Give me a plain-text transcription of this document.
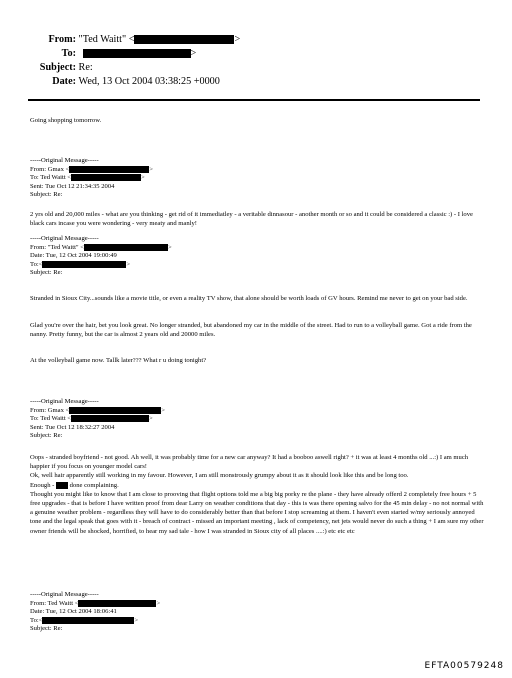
From: "Ted Waitt" <	>
To:	>
Subject: Re:
Date: Wed, 13 Oct 2004 03:38:25 +0000
Going shopping tomorrow.
-----Original Message-----
From: Gmax <	>
To: Ted Waitt <	>
Sent: Tue Oct 12 21:34:35 2004
Subject: Re:

2 yrs old and 20,000 miles - what are you thinking - get rid of it immediatley - a veritable dinnasour - another month or so and it could be considered a classic :) - I love black cars incase you were wondering - very meaty and manly!

-----Original Message-----
From: "Ted Waitt" <	>
Date: Tue, 12 Oct 2004 19:00:49
To:<	>
Subject: Re:

Stranded in Sioux City...sounds like a movie title, or even a reality TV show, that alone should be worth loads of GV hours. Remind me never to get on your bad side.

Glad you're over the hair, bet you look great. No longer stranded, but abandoned my car in the middle of the street. Had to run to a volleyball game. Got a ride from the nanny. Pretty funny, but the car is almost 2 years old and 20000 miles.

At the volleyball game now. Tallk later??? What r u doing tonight?

-----Original Message-----
From: Gmax <	>
To: Ted Waitt <	>
Sent: Tue Oct 12 18:32:27 2004
Subject: Re:

Oops - stranded boyfriend - not good. Ah well, it was probably time for a new car anyway? It had a booboo aswell right? + it was at least 4 months old ...:) I am much happier if you focus on younger model cars!

Ok, well hair apparently still working in my favour. However, I am still monstrously grumpy about it as it should look like this and be long too.

Enough -  done complaining.

Thought you might like to know that I am close to prooving that flight options told me a big big porky re the plane - they have already offerd 2 completely free hours + 5 free upgrades - that is before I have written proof from dear Larry on weather conditions that day - this is was there opening salvo for the 45 min delay - no not normal with a genuine weather problem - regardless they will have to do considerably better than that before I stop screaming at them. I haven't even started w/my seriously annoyed tone and the legal speak that goes with it - breach of contract - missed an important meeting , lack of competency, net jets would never do such a thing + I am sure my other owner friends will be shocked, horrified, to hear my sad tale - how I was stranded in Sioux city of all places ....:) etc etc etc

-----Original Message-----
From: Ted Waitt <	>
Date: Tue, 12 Oct 2004 18:06:41
To:<	>
Subject: Re:
EFTA00579248
